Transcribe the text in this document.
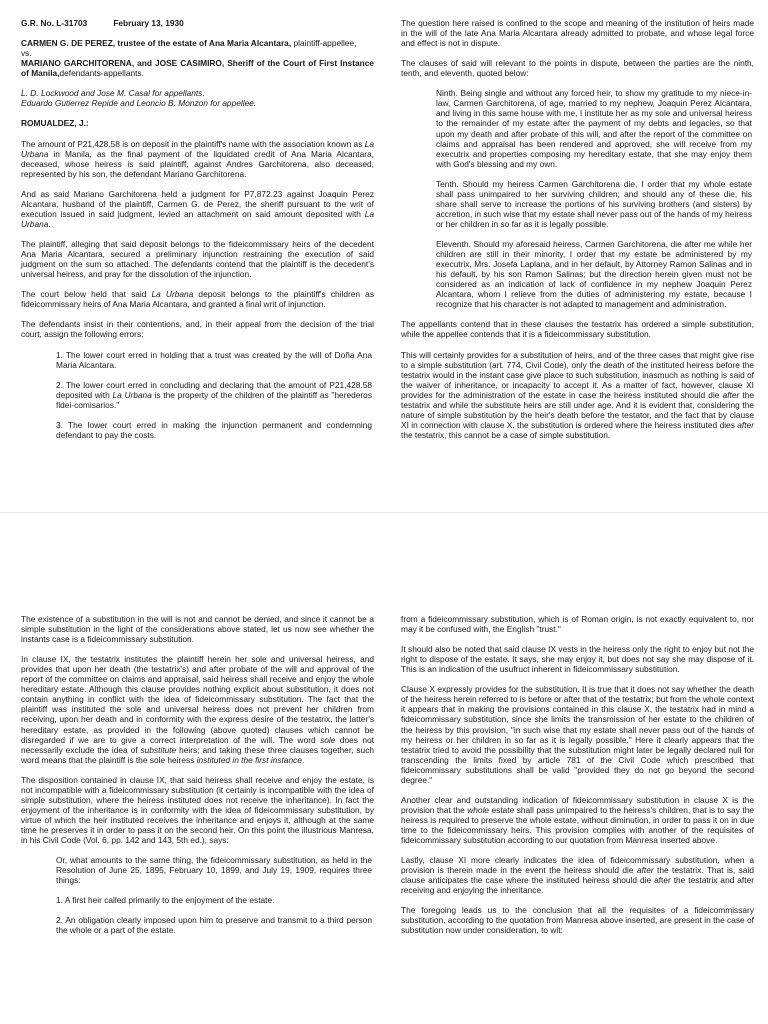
G.R. No. L-31703	February 13, 1930

CARMEN G. DE PEREZ, trustee of the estate of Ana Maria Alcantara, plaintiff-appellee,

vs.

MARIANO GARCHITORENA, and JOSE CASIMIRO, Sheriff of the Court of First Instance of Manila,defendants-appellants.

L. D. Lockwood and Jose M. Casal for appellants.

Eduardo Gutierrez Repide and Leoncio B. Monzon for appellee.

ROMUALDEZ, J.:

The amount of P21,428.58 is on deposit in the plaintiff's name with the association known as La Urbana in Manila, as the final payment of the liquidated credit of Ana Maria Alcantara, deceased, whose heiress is said plaintiff, against Andres Garchitorena, also deceased, represented by his son, the defendant Mariano Garchitorena.

And as said Mariano Garchitorena held a judgment for P7,872.23 against Joaquin Perez Alcantara, husband of the plaintiff, Carmen G. de Perez, the sheriff pursuant to the writ of execution issued in said judgment, levied an attachment on said amount deposited with La Urbana.

The plaintiff, alleging that said deposit belongs to the fideicommissary heirs of the decedent Ana Maria Alcantara, secured a preliminary injunction restraining the execution of said judgment on the sum so attached. The defendants contend that the plaintiff is the decedent's universal heiress, and pray for the dissolution of the injunction.

The court below held that said La Urbana deposit belongs to the plaintiff's children as fideicommissary heirs of Ana Maria Alcantara, and granted a final writ of injunction.

The defendants insist in their contentions, and, in their appeal from the decision of the trial court, assign the following errors:

1. The lower court erred in holding that a trust was created by the will of Doña Ana Maria Alcantara.

2. The lower court erred in concluding and declaring that the amount of P21,428.58 deposited with La Urbana is the property of the children of the plaintiff as "herederos fidei-comisarios."

3. The lower court erred in making the injunction permanent and condemning defendant to pay the costs.

The question here raised is confined to the scope and meaning of the institution of heirs made in the will of the late Ana Maria Alcantara already admitted to probate, and whose legal force and effect is not in dispute.

The clauses of said will relevant to the points in dispute, between the parties are the ninth, tenth, and eleventh, quoted below:

Ninth. Being single and without any forced heir, to show my gratitude to my niece-in-law, Carmen Garchitorena, of age, married to my nephew, Joaquin Perez Alcantara, and living in this same house with me, I institute her as my sole and universal heiress to the remainder of my estate after the payment of my debts and legacies, so that upon my death and after probate of this will, and after the report of the committee on claims and appraisal has been rendered and approved, she will receive from my executrix and properties composing my hereditary estate, that she may enjoy them with God's blessing and my own.

Tenth. Should my heiress Carmen Garchitorena die, I order that my whole estate shall pass unimpaired to her surviving children; and should any of these die, his share shall serve to increase the portions of his surviving brothers (and sisters) by accretion, in such wise that my estate shall never pass out of the hands of my heiress or her children in so far as it is legally possible.

Eleventh. Should my aforesaid heiress, Carmen Garchitorena, die after me while her children are still in their minority, I order that my estate be administered by my executrix, Mrs. Josefa Laplana, and in her default, by Attorney Ramon Salinas and in his default, by his son Ramon Salinas; but the direction herein given must not be considered as an indication of lack of confidence in my nephew Joaquin Perez Alcantara, whom I relieve from the duties of administering my estate, because I recognize that his character is not adapted to management and administration.

The appellants contend that in these clauses the testatrix has ordered a simple substitution, while the appellee contends that it is a fideicommissary substitution.

This will certainly provides for a substitution of heirs, and of the three cases that might give rise to a simple substitution (art. 774, Civil Code), only the death of the instituted heiress before the testatrix would in the instant case give place to such substitution, inasmuch as nothing is said of the waiver of inheritance, or incapacity to accept it. As a matter of fact, however, clause XI provides for the administration of the estate in case the heiress instituted should die after the testatrix and while the substitute heirs are still under age. And it is evident that, considering the nature of simple substitution by the heir's death before the testator, and the fact that by clause XI in connection with clause X, the substitution is ordered where the heiress instituted dies after the testatrix, this cannot be a case of simple substitution.

The existence of a substitution in the will is not and cannot be denied, and since it cannot be a simple substitution in the light of the considerations above stated, let us now see whether the instants case is a fideicommissary substitution.

In clause IX, the testatrix institutes the plaintiff herein her sole and universal heiress, and provides that upon her death (the testatrix's) and after probate of the will and approval of the report of the committee on claims and appraisal, said heiress shall receive and enjoy the whole hereditary estate. Although this clause provides nothing explicit about substitution, it does not contain anything in conflict with the idea of fideicommissary substitution. The fact that the plaintiff was instituted the sole and universal heiress does not prevent her children from receiving, upon her death and in conformity with the express desire of the testatrix, the latter's hereditary estate, as provided in the following (above quoted) clauses which cannot be disregarded if we are to give a correct interpretation of the will. The word sole does not necessarily exclude the idea of substitute heirs; and taking these three clauses together, such word means that the plaintiff is the sole heiress instituted in the first instance.

The disposition contained in clause IX, that said heiress shall receive and enjoy the estate, is not incompatible with a fideicommissary substitution (it certainly is incompatible with the idea of simple substitution, where the heiress instituted does not receive the inheritance). In fact the enjoyment of the inheritance is in conformity with the idea of fideicommissary substitution, by virtue of which the heir instituted receives the inheritance and enjoys it, although at the same time he preserves it in order to pass it on the second heir. On this point the illustrious Manresa, in his Civil Code (Vol. 6, pp. 142 and 143, 5th ed.), says:

Or, what amounts to the same thing, the fideicommissary substitution, as held in the Resolution of June 25, 1895, February 10, 1899, and July 19, 1909, requires three things:

1. A first heir called primarily to the enjoyment of the estate.

2. An obligation clearly imposed upon him to preserve and transmit to a third person the whole or a part of the estate.

from a fideicommissary substitution, which is of Roman origin, is not exactly equivalent to, nor may it be confused with, the English "trust."

It should also be noted that said clause IX vests in the heiress only the right to enjoy but not the right to dispose of the estate. It says, she may enjoy it, but does not say she may dispose of it. This is an indication of the usufruct inherent in fideicommissary substitution.

Clause X expressly provides for the substitution. It is true that it does not say whether the death of the heiress herein referred to is before or after that of the testatrix; but from the whole context it appears that in making the provisions contained in this clause X, the testatrix had in mind a fideicommissary substitution, since she limits the transmission of her estate to the children of the heiress by this provision, "in such wise that my estate shall never pass out of the hands of my heiress or her children in so far as it is legally possible." Here it clearly appears that the testatrix tried to avoid the possibility that the substitution might later be legally declared null for transcending the limits fixed by article 781 of the Civil Code which prescribed that fideicommissary substitutions shall be valid "provided they do not go beyond the second degree."

Another clear and outstanding indication of fideicommissary substitution in clause X is the provision that the whole estate shall pass unimpaired to the heiress's children, that is to say the heiress is required to preserve the whole estate, without diminution, in order to pass it on in due time to the fideicommissary heirs. This provision complies with another of the requisites of fideicommissary substitution according to our quotation from Manresa inserted above.

Lastly, clause XI more clearly indicates the idea of fideicommissary substitution, when a provision is therein made in the event the heiress should die after the testatrix. That is, said clause anticipates the case where the instituted heiress should die after the testatrix and after receiving and enjoying the inheritance.

The foregoing leads us to the conclusion that all the requisites of a fideicommissary substitution, according to the quotation from Manresa above inserted, are present in the case of substitution now under consideration, to wit:
